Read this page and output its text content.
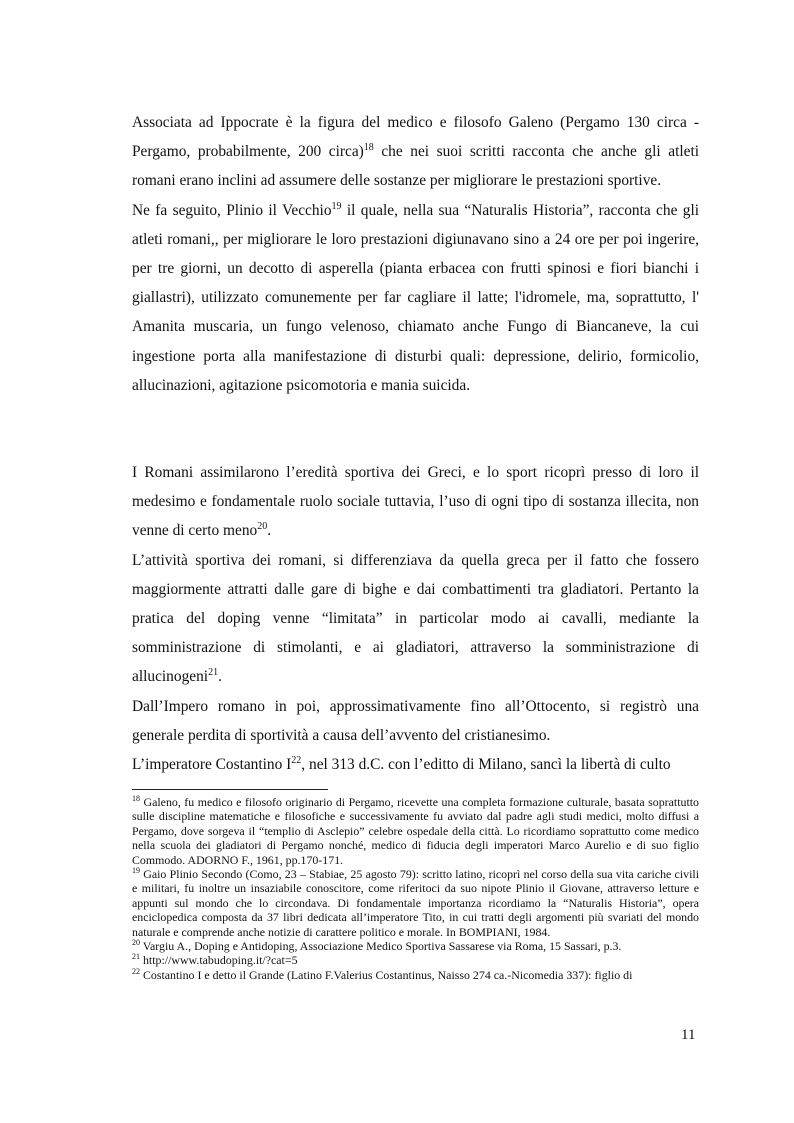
Associata ad Ippocrate è la figura del medico e filosofo Galeno (Pergamo 130 circa - Pergamo, probabilmente, 200 circa)$^{18}$ che nei suoi scritti racconta che anche gli atleti romani erano inclini ad assumere delle sostanze per migliorare le prestazioni sportive.

Ne fa seguito, Plinio il Vecchio$^{19}$ il quale, nella sua “Naturalis Historia”, racconta che gli atleti romani,, per migliorare le loro prestazioni digiunavano sino a 24 ore per poi ingerire, per tre giorni, un decotto di asperella (pianta erbacea con frutti spinosi e fiori bianchi i giallastri), utilizzato comunemente per far cagliare il latte; l'idromele, ma, soprattutto, l' Amanita muscaria, un fungo velenoso, chiamato anche Fungo di Biancaneve, la cui ingestione porta alla manifestazione di disturbi quali: depressione, delirio, formicolio, allucinazioni, agitazione psicomotoria e mania suicida.

I Romani assimilarono l’eredità sportiva dei Greci, e lo sport ricoprì presso di loro il medesimo e fondamentale ruolo sociale tuttavia, l’uso di ogni tipo di sostanza illecita, non venne di certo meno$^{20}$.

L’attività sportiva dei romani, si differenziava da quella greca per il fatto che fossero maggiormente attratti dalle gare di bighe e dai combattimenti tra gladiatori. Pertanto la pratica del doping venne “limitata” in particolar modo ai cavalli, mediante la somministrazione di stimolanti, e ai gladiatori, attraverso la somministrazione di allucinogeni$^{21}$.

Dall’Impero romano in poi, approssimativamente fino all’Ottocento, si registrò una generale perdita di sportività a causa dell’avvento del cristianesimo.

L’imperatore Costantino $I^{22}$, nel 313 d.C. con l’editto di Milano, sancì la libertà di culto

$^{18}$ Galeno, fu medico e filosofo originario di Pergamo, ricevette una completa formazione culturale, basata soprattutto sulle discipline matematiche e filosofiche e successivamente fu avviato dal padre agli studi medici, molto diffusi a Pergamo, dove sorgeva il “templio di Asclepio” celebre ospedale della città. Lo ricordiamo soprattutto come medico nella scuola dei gladiatori di Pergamo nonché, medico di fiducia degli imperatori Marco Aurelio e di suo figlio Commodo. ADORNO F., 1961, pp.170-171.

$^{19}$ Gaio Plinio Secondo (Como, 23 – Stabiae, 25 agosto 79): scritto latino, ricoprì nel corso della sua vita cariche civili e militari, fu inoltre un insaziabile conoscitore, come riferitoci da suo nipote Plinio il Giovane, attraverso letture e appunti sul mondo che lo circondava. Di fondamentale importanza ricordiamo la “Naturalis Historia”, opera enciclopedica composta da 37 libri dedicata all’imperatore Tito, in cui tratti degli argomenti più svariati del mondo naturale e comprende anche notizie di carattere politico e morale. In BOMPIANI, 1984.

$^{20}$ Vargiu A., Doping e Antidoping, Associazione Medico Sportiva Sassarese via Roma, 15 Sassari, p.3.

$^{21}$ http://www.tabudoping.it/?cat=5

$^{22}$ Costantino I e detto il Grande (Latino F.Valerius Costantinus, Naisso 274 ca.-Nicomedia 337): figlio di

11
